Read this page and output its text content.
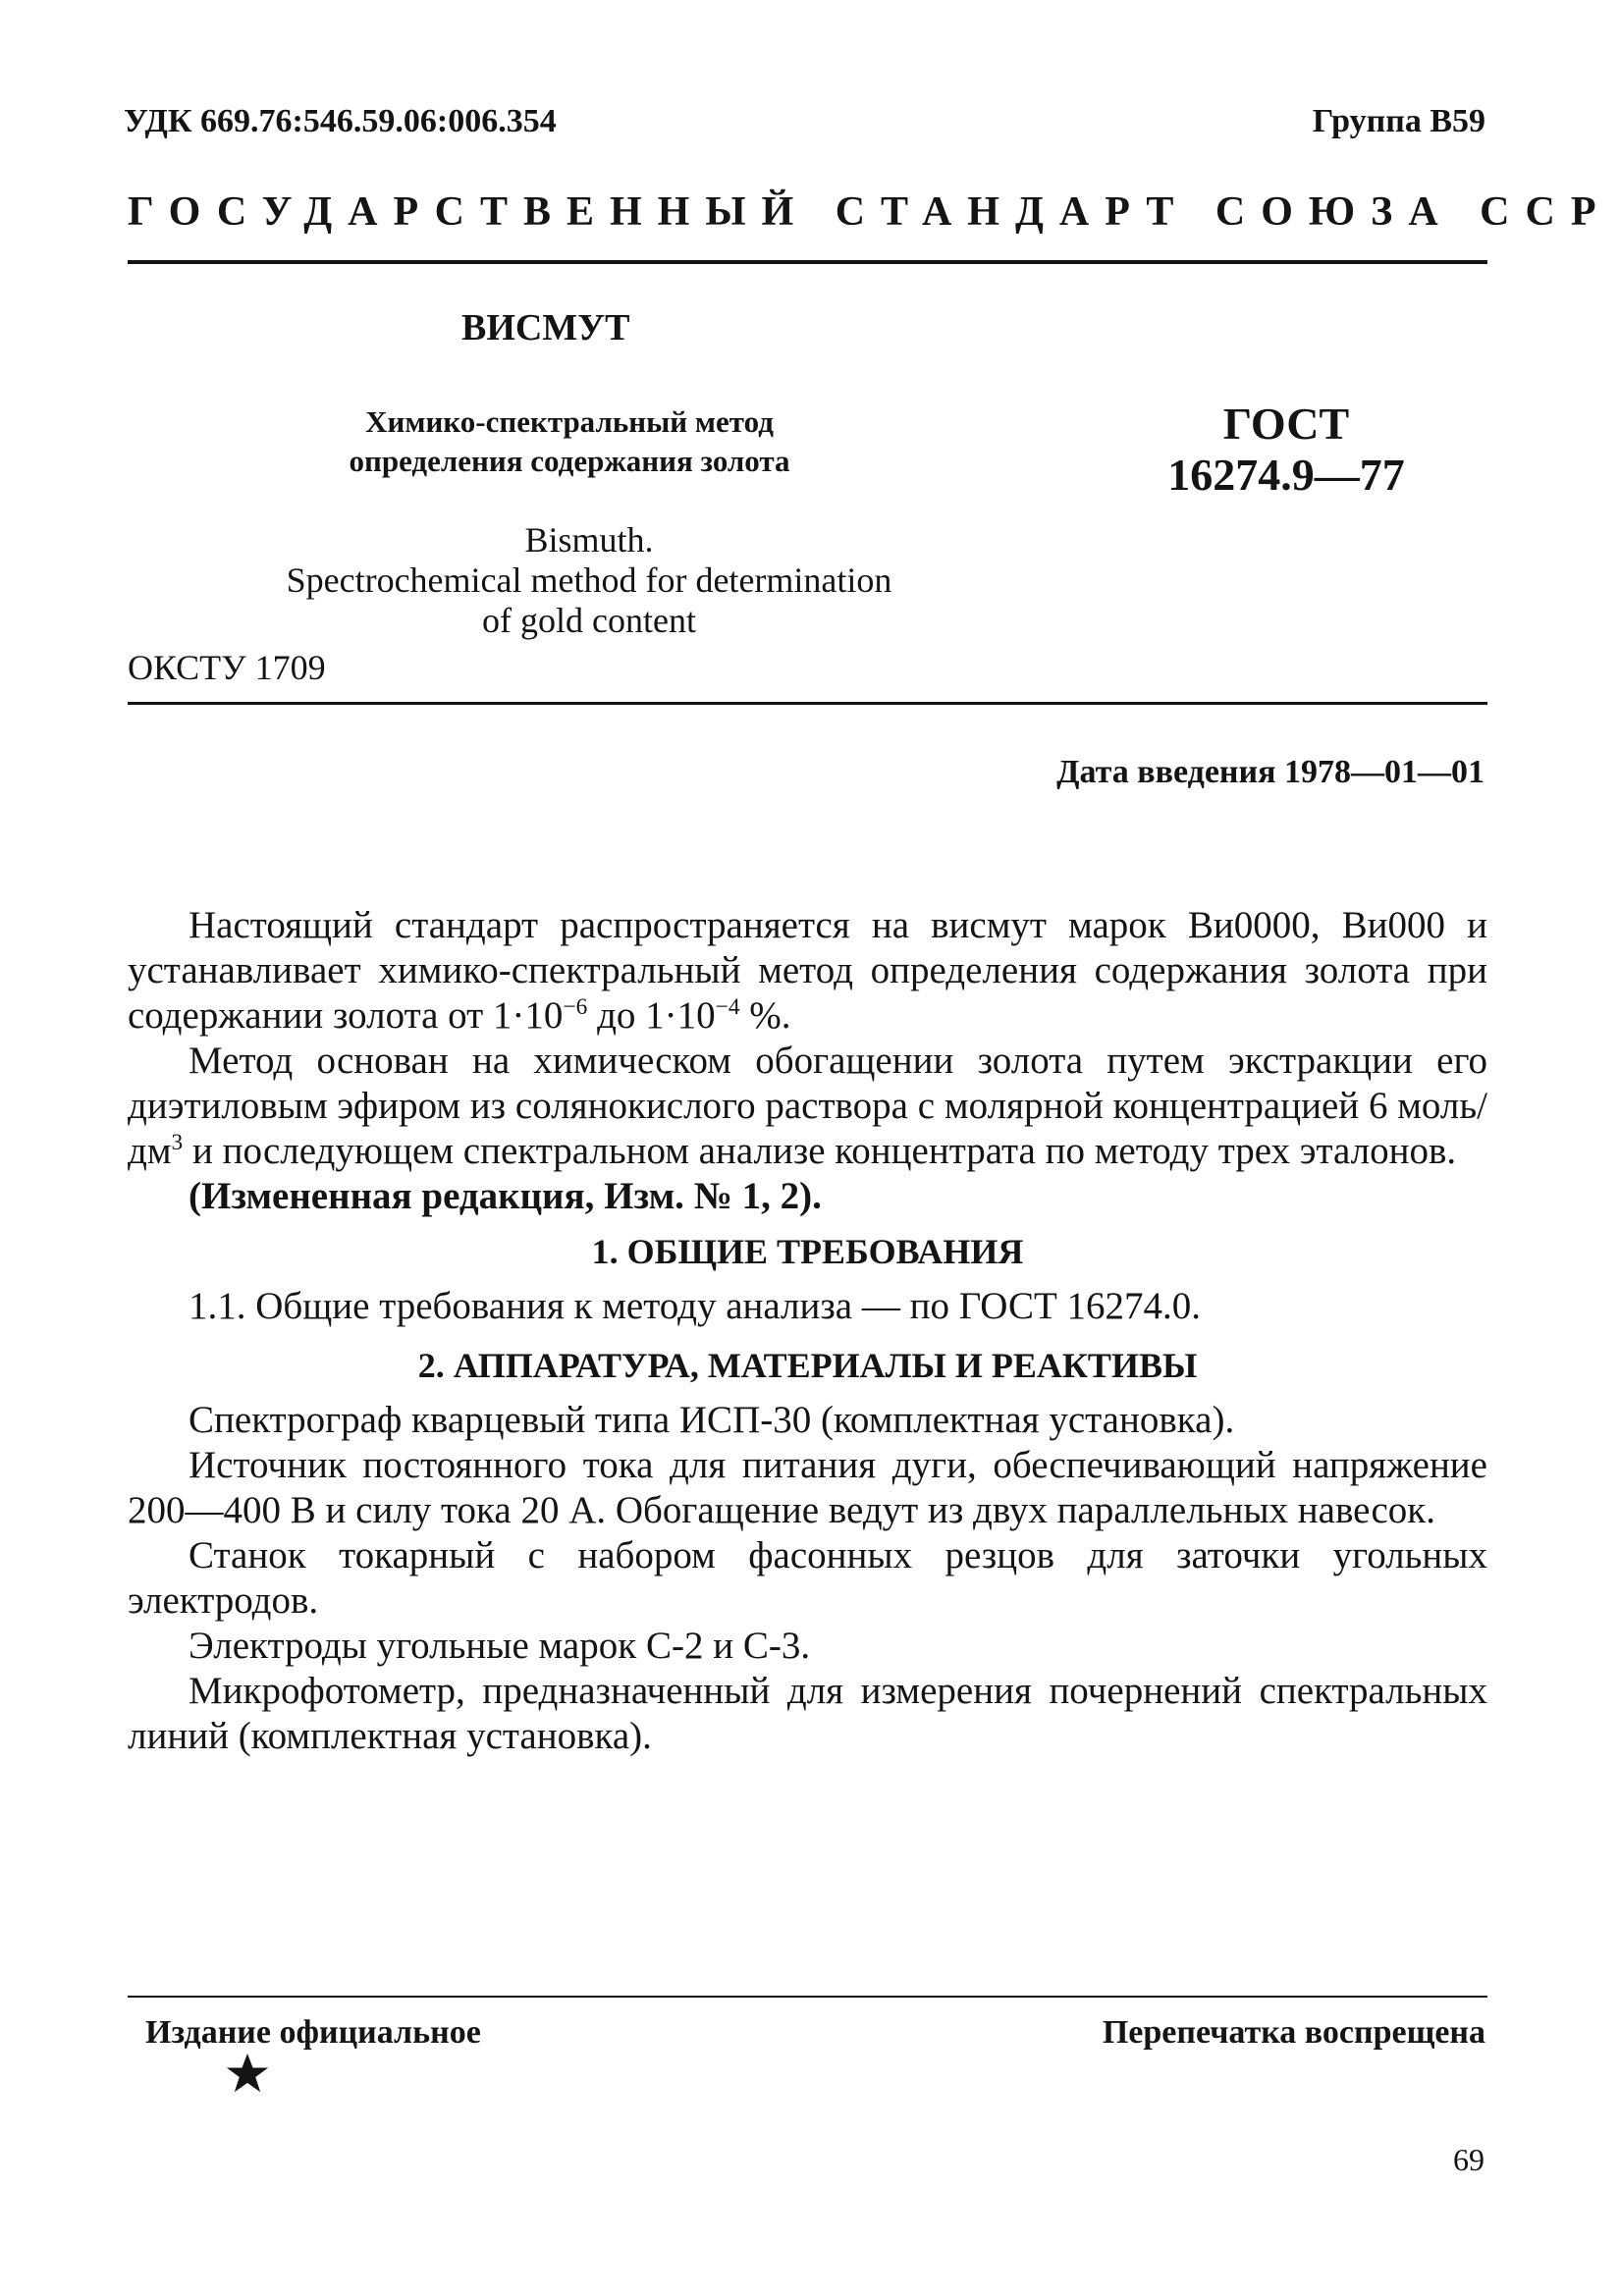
УДК 669.76:546.59.06:006.354	Группа В59
ГОСУДАРСТВЕННЫЙ СТАНДАРТ СОЮЗА ССР
ВИСМУТ
Химико-спектральный метод
определения содержания золота
ГОСТ
16274.9—77
Bismuth.
Spectrochemical method for determination
of gold content
ОКСТУ 1709
Дата введения 1978—01—01

Настоящий стандарт распространяется на висмут марок Ви0000, Ви000 и устанавливает химико-спектральный метод определения содержания золота при содержании золота от $1\cdot 10^{-6}$ до $1\cdot 10^{-4}$ %.

Метод основан на химическом обогащении золота путем экстракции его диэтиловым эфиром из солянокислого раствора с молярной концентрацией 6 моль/$дм^3$ и последующем спектральном анализе концентрата по методу трех эталонов.

(Измененная редакция, Изм. № 1, 2).

1. ОБЩИЕ ТРЕБОВАНИЯ

1.1. Общие требования к методу анализа — по ГОСТ 16274.0.

2. АППАРАТУРА, МАТЕРИАЛЫ И РЕАКТИВЫ

Спектрограф кварцевый типа ИСП-30 (комплектная установка).

Источник постоянного тока для питания дуги, обеспечивающий напряжение 200—400 В и силу тока 20 А. Обогащение ведут из двух параллельных навесок.

Станок токарный с набором фасонных резцов для заточки угольных электродов.

Электроды угольные марок С-2 и С-3.

Микрофотометр, предназначенный для измерения почернений спектральных линий (комплектная установка).

Издание официальное	Перепечатка воспрещена
69
